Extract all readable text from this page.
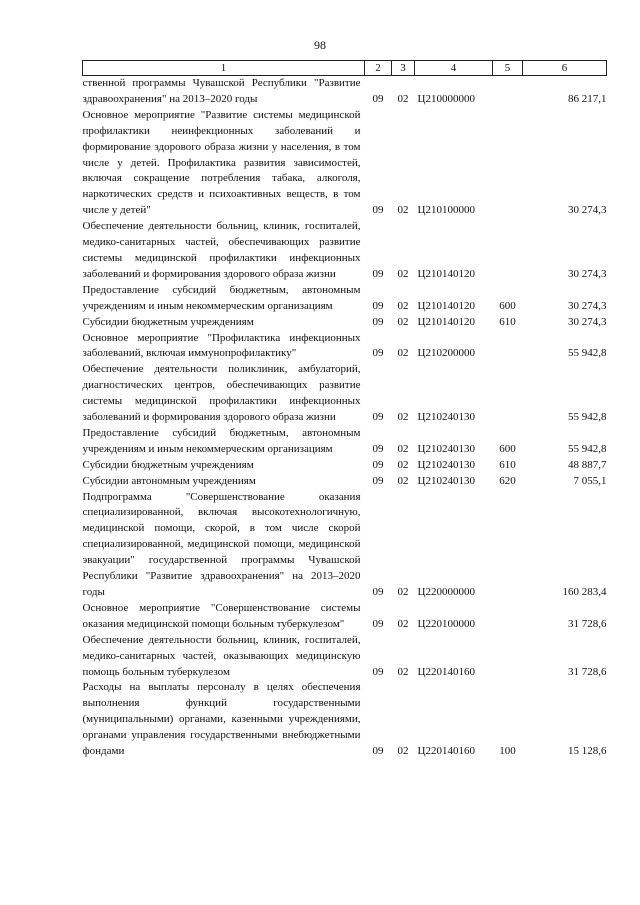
98
1	2	3	4	5	6
ственной программы Чувашской Республики "Развитие здравоохранения" на 2013–2020 годы	09	02	Ц210000000		86 217,1
Основное мероприятие "Развитие системы медицинской профилактики неинфекционных заболеваний и формирование здорового образа жизни у населения, в том числе у детей. Профилактика развития зависимостей, включая сокращение потребления табака, алкоголя, наркотических средств и психоактивных веществ, в том числе у детей"	09	02	Ц210100000		30 274,3
Обеспечение деятельности больниц, клиник, госпиталей, медико-санитарных частей, обеспечивающих развитие системы медицинской профилактики инфекционных заболеваний и формирования здорового образа жизни	09	02	Ц210140120		30 274,3
Предоставление субсидий бюджетным, автономным учреждениям и иным некоммерческим организациям	09	02	Ц210140120	600	30 274,3
Субсидии бюджетным учреждениям	09	02	Ц210140120	610	30 274,3
Основное мероприятие "Профилактика инфекционных заболеваний, включая иммунопрофилактику"	09	02	Ц210200000		55 942,8
Обеспечение деятельности поликлиник, амбулаторий, диагностических центров, обеспечивающих развитие системы медицинской профилактики инфекционных заболеваний и формирования здорового образа жизни	09	02	Ц210240130		55 942,8
Предоставление субсидий бюджетным, автономным учреждениям и иным некоммерческим организациям	09	02	Ц210240130	600	55 942,8
Субсидии бюджетным учреждениям	09	02	Ц210240130	610	48 887,7
Субсидии автономным учреждениям	09	02	Ц210240130	620	7 055,1
Подпрограмма "Совершенствование оказания специализированной, включая высокотехнологичную, медицинской помощи, скорой, в том числе скорой специализированной, медицинской помощи, медицинской эвакуации" государственной программы Чувашской Республики "Развитие здравоохранения" на 2013–2020 годы	09	02	Ц220000000		160 283,4
Основное мероприятие "Совершенствование системы оказания медицинской помощи больным туберкулезом"	09	02	Ц220100000		31 728,6
Обеспечение деятельности больниц, клиник, госпиталей, медико-санитарных частей, оказывающих медицинскую помощь больным туберкулезом	09	02	Ц220140160		31 728,6
Расходы на выплаты персоналу в целях обеспечения выполнения функций государственными (муниципальными) органами, казенными учреждениями, органами управления государственными внебюджетными фондами	09	02	Ц220140160	100	15 128,6
